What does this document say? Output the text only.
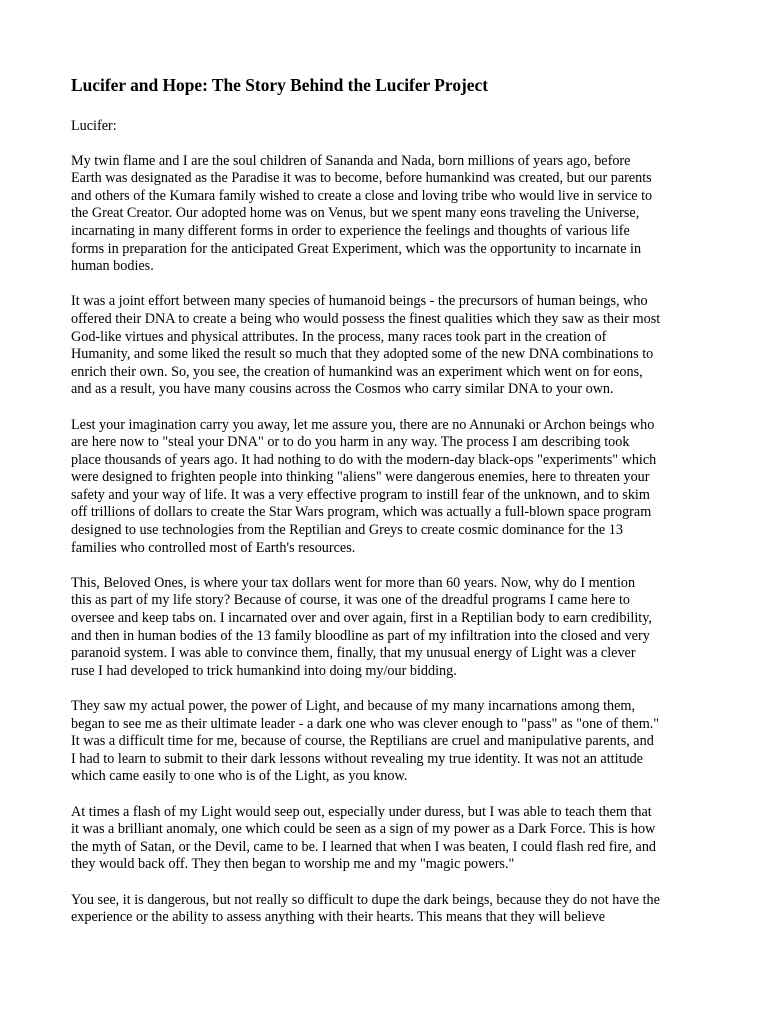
Lucifer and Hope: The Story Behind the Lucifer Project
Lucifer:
My twin flame and I are the soul children of Sananda and Nada, born millions of years ago, before
Earth was designated as the Paradise it was to become, before humankind was created, but our parents
and others of the Kumara family wished to create a close and loving tribe who would live in service to
the Great Creator. Our adopted home was on Venus, but we spent many eons traveling the Universe,
incarnating in many different forms in order to experience the feelings and thoughts of various life
forms in preparation for the anticipated Great Experiment, which was the opportunity to incarnate in
human bodies.
It was a joint effort between many species of humanoid beings - the precursors of human beings, who
offered their DNA to create a being who would possess the finest qualities which they saw as their most
God-like virtues and physical attributes. In the process, many races took part in the creation of
Humanity, and some liked the result so much that they adopted some of the new DNA combinations to
enrich their own. So, you see, the creation of humankind was an experiment which went on for eons,
and as a result, you have many cousins across the Cosmos who carry similar DNA to your own.
Lest your imagination carry you away, let me assure you, there are no Annunaki or Archon beings who
are here now to "steal your DNA" or to do you harm in any way. The process I am describing took
place thousands of years ago. It had nothing to do with the modern-day black-ops "experiments" which
were designed to frighten people into thinking "aliens" were dangerous enemies, here to threaten your
safety and your way of life. It was a very effective program to instill fear of the unknown, and to skim
off trillions of dollars to create the Star Wars program, which was actually a full-blown space program
designed to use technologies from the Reptilian and Greys to create cosmic dominance for the 13
families who controlled most of Earth's resources.
This, Beloved Ones, is where your tax dollars went for more than 60 years. Now, why do I mention
this as part of my life story? Because of course, it was one of the dreadful programs I came here to
oversee and keep tabs on. I incarnated over and over again, first in a Reptilian body to earn credibility,
and then in human bodies of the 13 family bloodline as part of my infiltration into the closed and very
paranoid system. I was able to convince them, finally, that my unusual energy of Light was a clever
ruse I had developed to trick humankind into doing my/our bidding.
They saw my actual power, the power of Light, and because of my many incarnations among them,
began to see me as their ultimate leader - a dark one who was clever enough to "pass" as "one of them."
It was a difficult time for me, because of course, the Reptilians are cruel and manipulative parents, and
I had to learn to submit to their dark lessons without revealing my true identity. It was not an attitude
which came easily to one who is of the Light, as you know.
At times a flash of my Light would seep out, especially under duress, but I was able to teach them that
it was a brilliant anomaly, one which could be seen as a sign of my power as a Dark Force. This is how
the myth of Satan, or the Devil, came to be. I learned that when I was beaten, I could flash red fire, and
they would back off. They then began to worship me and my "magic powers."
You see, it is dangerous, but not really so difficult to dupe the dark beings, because they do not have the
experience or the ability to assess anything with their hearts. This means that they will believe
